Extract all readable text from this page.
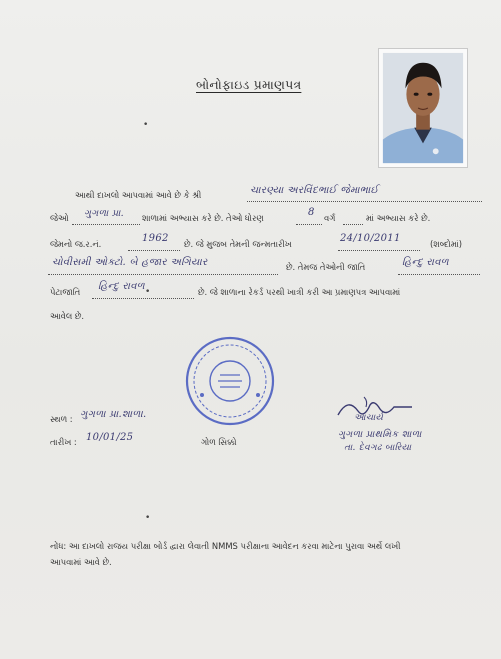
બોનોફાઇડ પ્રમાણપત્ર
•
•
•
આથી દાખલો આપવામાં આવે છે કે શ્રી	ચારણ્યા અરવિંદભાઈ જેમાભાઈ
જેઓ ગુગળા પ્રા. શાળામાં અભ્યાસ કરે છે. તેઓ ધોરણ	8 વર્ગ	માં અભ્યાસ કરે છે.
જેમનો જ.ર.નં.	1962 છે. જે મુજબ તેમની જન્મતારીખ	24/10/2011	(શબ્દોમાં)
ચોવીસમી ઓક્ટો. બે હજાર અગિયાર	છે. તેમજ તેઓની જાતિ	હિન્દુ રાવળ
પેટાજાતિ હિન્દુ રાવળ	છે. જે શાળાના રેકર્ડ પરથી ખાત્રી કરી આ પ્રમાણપત્ર આપવામાં
આવેલ છે.
આચાર્ય
ગુગળા પ્રાથમિક શાળા
તા. દેવગઢ બારિયા
સ્થળ : ગુગળા પ્રા.શાળા.
તારીખ : 10/01/25	ગોળ સિક્કો
નોંધ: આ દાખલો રાજય પરીક્ષા બોર્ડ દ્વારા લેવાતી NMMS પરીક્ષાના આવેદન કરવા માટેના પુરાવા અર્થે લખી
આપવામાં આવે છે.
